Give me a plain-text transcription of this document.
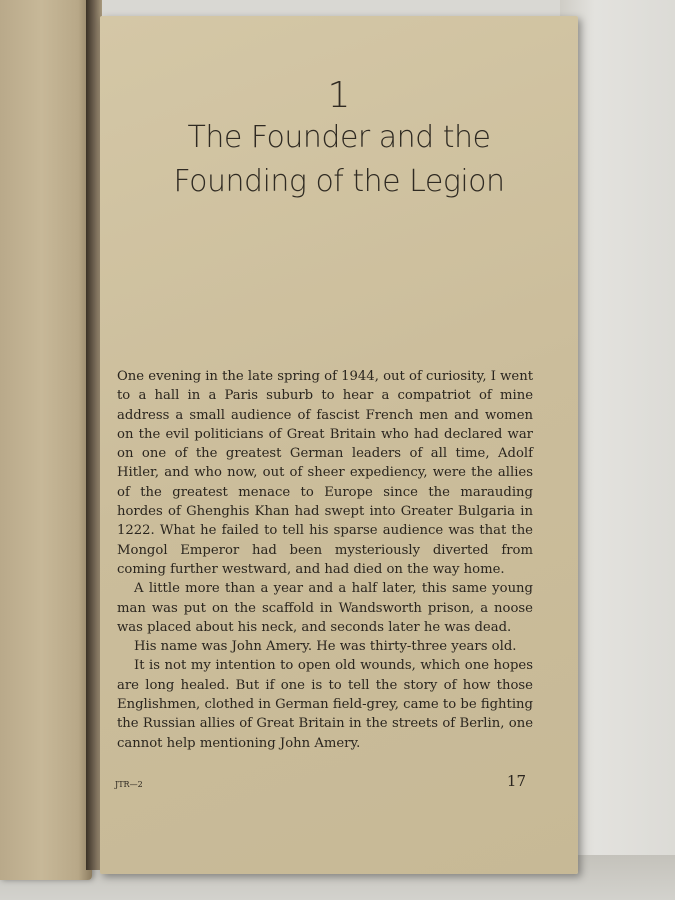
1
The Founder and the Founding of the Legion

One evening in the late spring of 1944, out of curiosity, I went to a hall in a Paris suburb to hear a compatriot of mine address a small audience of fascist French men and women on the evil politicians of Great Britain who had declared war on one of the greatest German leaders of all time, Adolf Hitler, and who now, out of sheer expediency, were the allies of the greatest menace to Europe since the marauding hordes of Ghenghis Khan had swept into Greater Bulgaria in 1222. What he failed to tell his sparse audience was that the Mongol Emperor had been mysteriously diverted from coming further westward, and had died on the way home.

A little more than a year and a half later, this same young man was put on the scaffold in Wandsworth prison, a noose was placed about his neck, and seconds later he was dead.

His name was John Amery. He was thirty-three years old.

It is not my intention to open old wounds, which one hopes are long healed. But if one is to tell the story of how those Englishmen, clothed in German field-grey, came to be fighting the Russian allies of Great Britain in the streets of Berlin, one cannot help mentioning John Amery.

JTR—2	17
